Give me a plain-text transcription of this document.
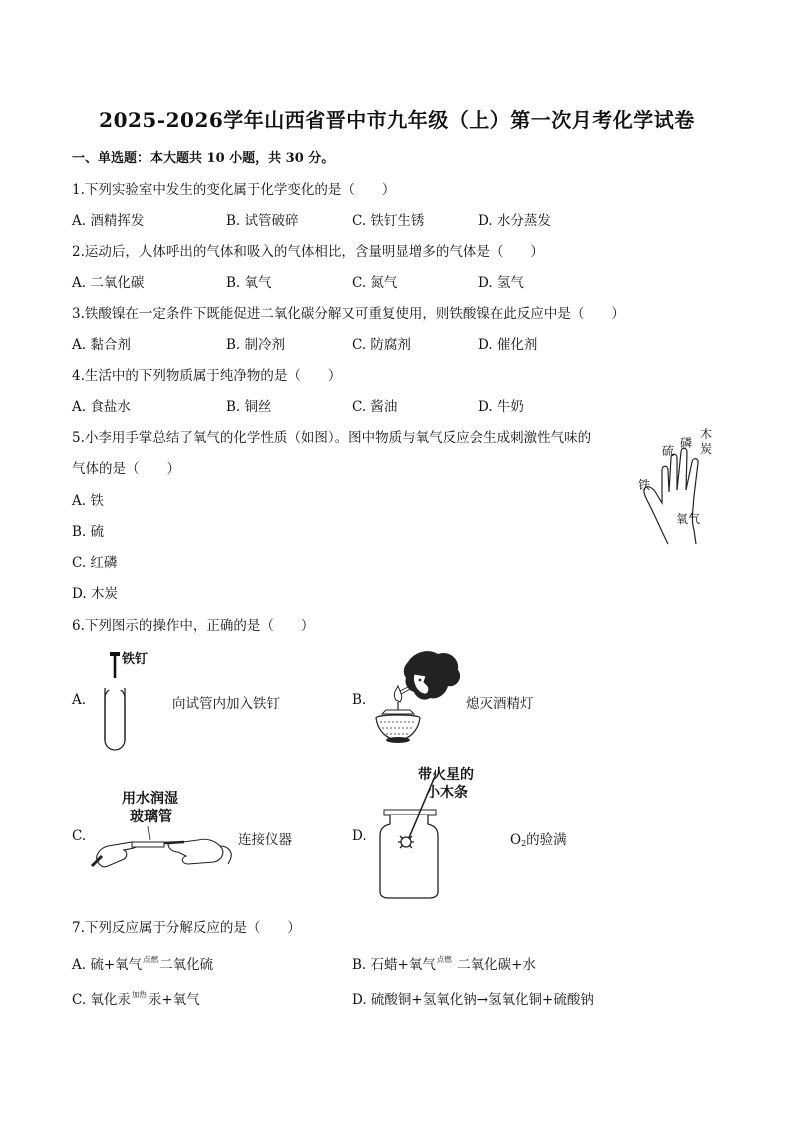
2025-2026学年山西省晋中市九年级（上）第一次月考化学试卷
一、单选题：本大题共 10 小题，共 30 分。
1.下列实验室中发生的变化属于化学变化的是（　　）
A. 酒精挥发	B. 试管破碎	C. 铁钉生锈	D. 水分蒸发
2.运动后，人体呼出的气体和吸入的气体相比，含量明显增多的气体是（　　）
A. 二氧化碳	B. 氧气	C. 氮气	D. 氢气
3.铁酸镍在一定条件下既能促进二氧化碳分解又可重复使用，则铁酸镍在此反应中是（　　）
A. 黏合剂	B. 制冷剂	C. 防腐剂	D. 催化剂
4.生活中的下列物质属于纯净物的是（　　）
A. 食盐水	B. 铜丝	C. 酱油	D. 牛奶
5.小李用手掌总结了氧气的化学性质（如图）。图中物质与氧气反应会生成刺激性气味的
气体的是（　　）
A. 铁
B. 硫
C. 红磷
D. 木炭
铁
硫
磷
木
炭
氧气
6.下列图示的操作中，正确的是（　　）
A.
铁钉
向试管内加入铁钉	B.	熄灭酒精灯
C.
用水润湿
玻璃管
连接仪器	D.
带火星的
小木条
$O_2$的验满
7.下列反应属于分解反应的是（　　）
A. 硫+氧气$^{点燃}$二氧化硫	B. 石蜡+氧气$^{点燃}$ 二氧化碳+水
C. 氧化汞$^{加热}$汞+氧气	D. 硫酸铜+氢氧化钠→氢氧化铜+硫酸钠
